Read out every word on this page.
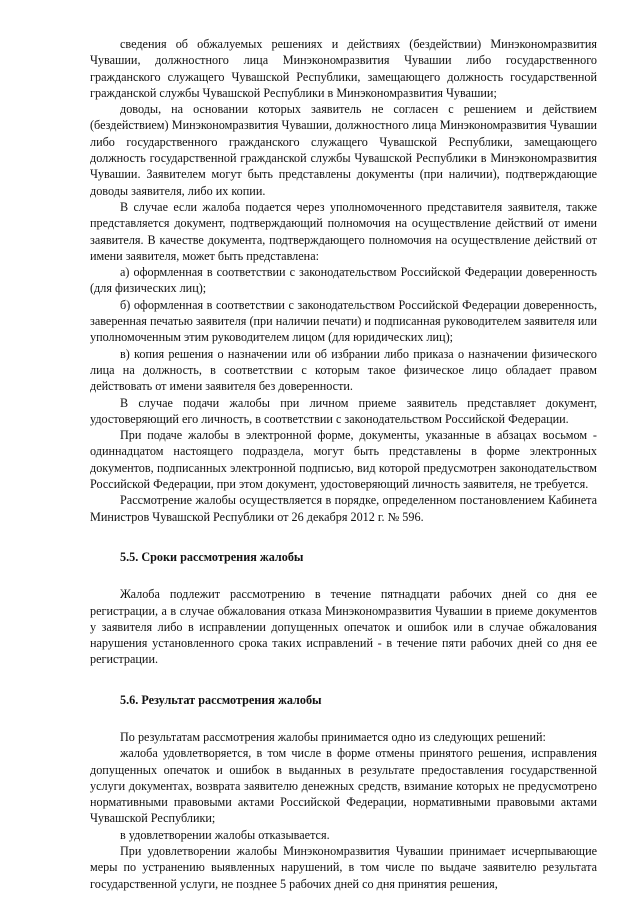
сведения об обжалуемых решениях и действиях (бездействии) Минэкономразвития Чувашии, должностного лица Минэкономразвития Чувашии либо государственного гражданского служащего Чувашской Республики, замещающего должность государственной гражданской службы Чувашской Республики в Минэкономразвития Чувашии;

доводы, на основании которых заявитель не согласен с решением и действием (бездействием) Минэкономразвития Чувашии, должностного лица Минэкономразвития Чувашии либо государственного гражданского служащего Чувашской Республики, замещающего должность государственной гражданской службы Чувашской Республики в Минэкономразвития Чувашии. Заявителем могут быть представлены документы (при наличии), подтверждающие доводы заявителя, либо их копии.

В случае если жалоба подается через уполномоченного представителя заявителя, также представляется документ, подтверждающий полномочия на осуществление действий от имени заявителя. В качестве документа, подтверждающего полномочия на осуществление действий от имени заявителя, может быть представлена:

а) оформленная в соответствии с законодательством Российской Федерации доверенность (для физических лиц);

б) оформленная в соответствии с законодательством Российской Федерации доверенность, заверенная печатью заявителя (при наличии печати) и подписанная руководителем заявителя или уполномоченным этим руководителем лицом (для юридических лиц);

в) копия решения о назначении или об избрании либо приказа о назначении физического лица на должность, в соответствии с которым такое физическое лицо обладает правом действовать от имени заявителя без доверенности.

В случае подачи жалобы при личном приеме заявитель представляет документ, удостоверяющий его личность, в соответствии с законодательством Российской Федерации.

При подаче жалобы в электронной форме, документы, указанные в абзацах восьмом - одиннадцатом настоящего подраздела, могут быть представлены в форме электронных документов, подписанных электронной подписью, вид которой предусмотрен законодательством Российской Федерации, при этом документ, удостоверяющий личность заявителя, не требуется.

Рассмотрение жалобы осуществляется в порядке, определенном постановлением Кабинета Министров Чувашской Республики от 26 декабря 2012 г. № 596.

5.5. Сроки рассмотрения жалобы

Жалоба подлежит рассмотрению в течение пятнадцати рабочих дней со дня ее регистрации, а в случае обжалования отказа Минэкономразвития Чувашии в приеме документов у заявителя либо в исправлении допущенных опечаток и ошибок или в случае обжалования нарушения установленного срока таких исправлений - в течение пяти рабочих дней со дня ее регистрации.

5.6. Результат рассмотрения жалобы

По результатам рассмотрения жалобы принимается одно из следующих решений:

жалоба удовлетворяется, в том числе в форме отмены принятого решения, исправления допущенных опечаток и ошибок в выданных в результате предоставления государственной услуги документах, возврата заявителю денежных средств, взимание которых не предусмотрено нормативными правовыми актами Российской Федерации, нормативными правовыми актами Чувашской Республики;

в удовлетворении жалобы отказывается.

При удовлетворении жалобы Минэкономразвития Чувашии принимает исчерпывающие меры по устранению выявленных нарушений, в том числе по выдаче заявителю результата государственной услуги, не позднее 5 рабочих дней со дня принятия решения,
